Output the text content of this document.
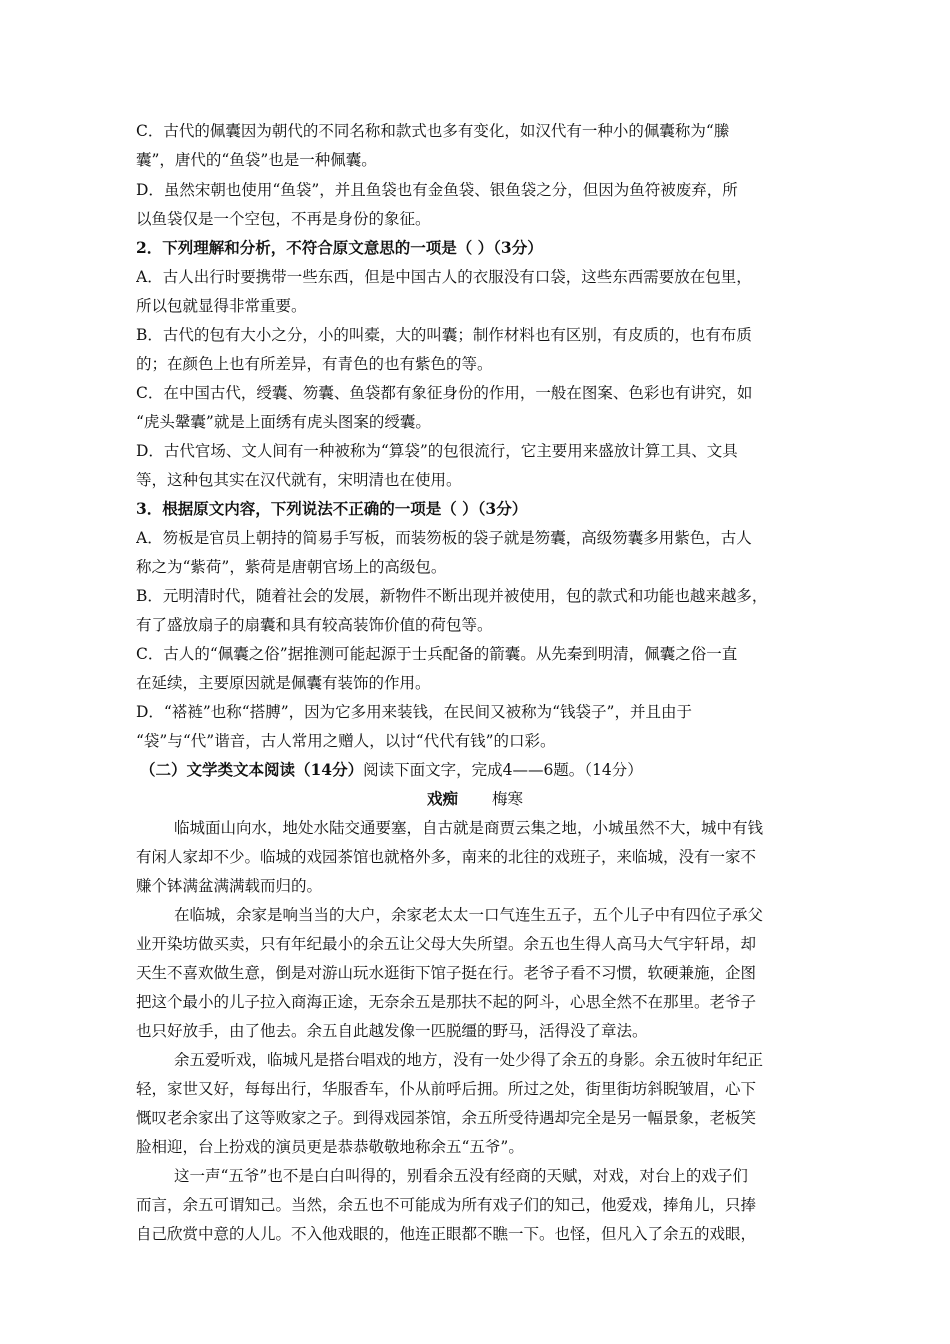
C．古代的佩囊因为朝代的不同名称和款式也多有变化，如汉代有一种小的佩囊称为“縢
囊”，唐代的“鱼袋”也是一种佩囊。
D．虽然宋朝也使用“鱼袋”，并且鱼袋也有金鱼袋、银鱼袋之分，但因为鱼符被废弃，所
以鱼袋仅是一个空包，不再是身份的象征。
2．下列理解和分析，不符合原文意思的一项是（ ）（3分）
A．古人出行时要携带一些东西，但是中国古人的衣服没有口袋，这些东西需要放在包里，
所以包就显得非常重要。
B．古代的包有大小之分，小的叫橐，大的叫囊；制作材料也有区别，有皮质的，也有布质
的；在颜色上也有所差异，有青色的也有紫色的等。
C．在中国古代，绶囊、笏囊、鱼袋都有象征身份的作用，一般在图案、色彩也有讲究，如
“虎头鞶囊”就是上面绣有虎头图案的绶囊。
D．古代官场、文人间有一种被称为“算袋”的包很流行，它主要用来盛放计算工具、文具
等，这种包其实在汉代就有，宋明清也在使用。
3．根据原文内容，下列说法不正确的一项是（ ）（3分）
A．笏板是官员上朝持的简易手写板，而装笏板的袋子就是笏囊，高级笏囊多用紫色，古人
称之为“紫荷”，紫荷是唐朝官场上的高级包。
B．元明清时代，随着社会的发展，新物件不断出现并被使用，包的款式和功能也越来越多，
有了盛放扇子的扇囊和具有较高装饰价值的荷包等。
C．古人的“佩囊之俗”据推测可能起源于士兵配备的箭囊。从先秦到明清，佩囊之俗一直
在延续，主要原因就是佩囊有装饰的作用。
D．“褡裢”也称“搭膊”，因为它多用来装钱，在民间又被称为“钱袋子”，并且由于
“袋”与“代”谐音，古人常用之赠人，以讨“代代有钱”的口彩。
（二）文学类文本阅读（14分）阅读下面文字，完成4——6题。（14分）
戏痴 梅寒
临城面山向水，地处水陆交通要塞，自古就是商贾云集之地，小城虽然不大，城中有钱
有闲人家却不少。临城的戏园茶馆也就格外多，南来的北往的戏班子，来临城，没有一家不
赚个钵满盆满满载而归的。
在临城，余家是响当当的大户，余家老太太一口气连生五子，五个儿子中有四位子承父
业开染坊做买卖，只有年纪最小的余五让父母大失所望。余五也生得人高马大气宇轩昂，却
天生不喜欢做生意，倒是对游山玩水逛街下馆子挺在行。老爷子看不习惯，软硬兼施，企图
把这个最小的儿子拉入商海正途，无奈余五是那扶不起的阿斗，心思全然不在那里。老爷子
也只好放手，由了他去。余五自此越发像一匹脱缰的野马，活得没了章法。
余五爱听戏，临城凡是搭台唱戏的地方，没有一处少得了余五的身影。余五彼时年纪正
轻，家世又好，每每出行，华服香车，仆从前呼后拥。所过之处，街里街坊斜睨皱眉，心下
慨叹老余家出了这等败家之子。到得戏园茶馆，余五所受待遇却完全是另一幅景象，老板笑
脸相迎，台上扮戏的演员更是恭恭敬敬地称余五“五爷”。
这一声“五爷”也不是白白叫得的，别看余五没有经商的天赋，对戏，对台上的戏子们
而言，余五可谓知己。当然，余五也不可能成为所有戏子们的知己，他爱戏，捧角儿，只捧
自己欣赏中意的人儿。不入他戏眼的，他连正眼都不瞧一下。也怪，但凡入了余五的戏眼，
